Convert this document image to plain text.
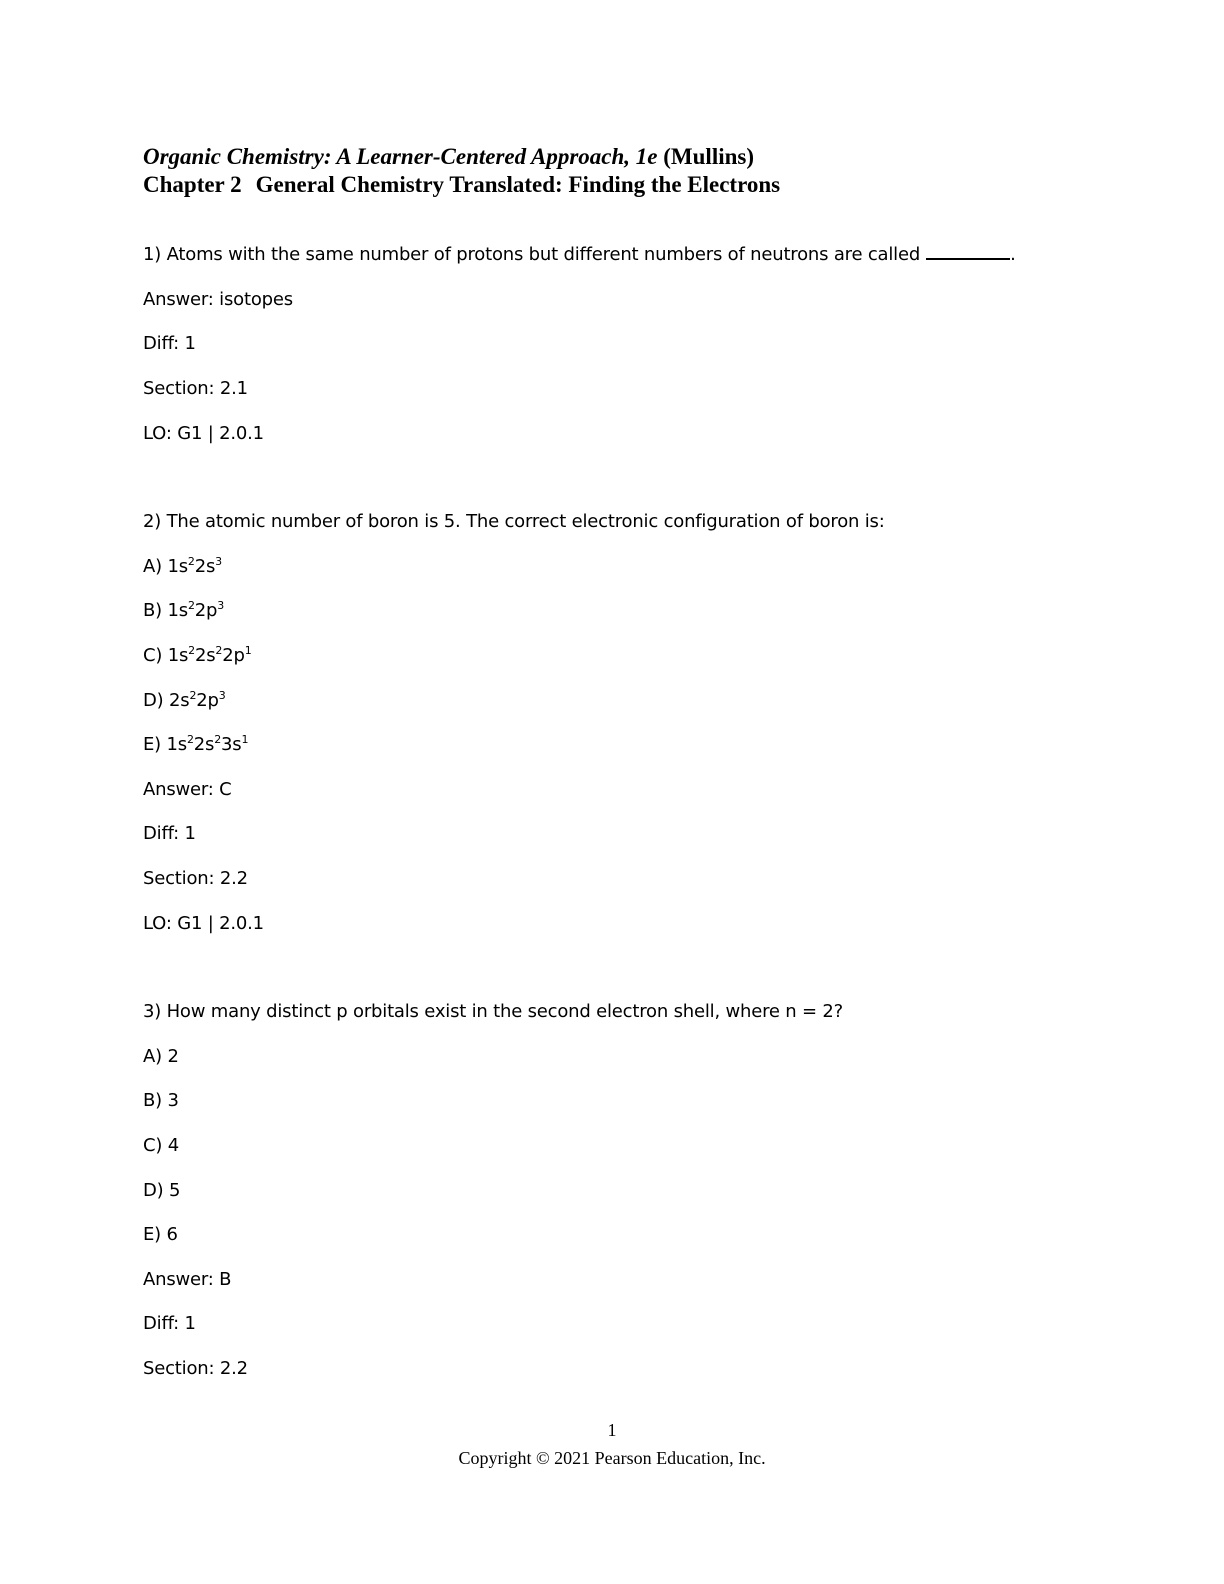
Organic Chemistry: A Learner-Centered Approach, 1e (Mullins)
Chapter 2 General Chemistry Translated: Finding the Electrons
1) Atoms with the same number of protons but different numbers of neutrons are called	.
Answer: isotopes
Diff: 1
Section: 2.1
LO: G1 | 2.0.1
2) The atomic number of boron is 5. The correct electronic configuration of boron is:
A) $1s^22s^3$
B) $1s^22p^3$
C) $1s^22s^22p^1$
D) $2s^22p^3$
E) $1s^22s^23s^1$
Answer: C
Diff: 1
Section: 2.2
LO: G1 | 2.0.1
3) How many distinct p orbitals exist in the second electron shell, where n = 2?
A) 2
B) 3
C) 4
D) 5
E) 6
Answer: B
Diff: 1
Section: 2.2
1
Copyright © 2021 Pearson Education, Inc.
